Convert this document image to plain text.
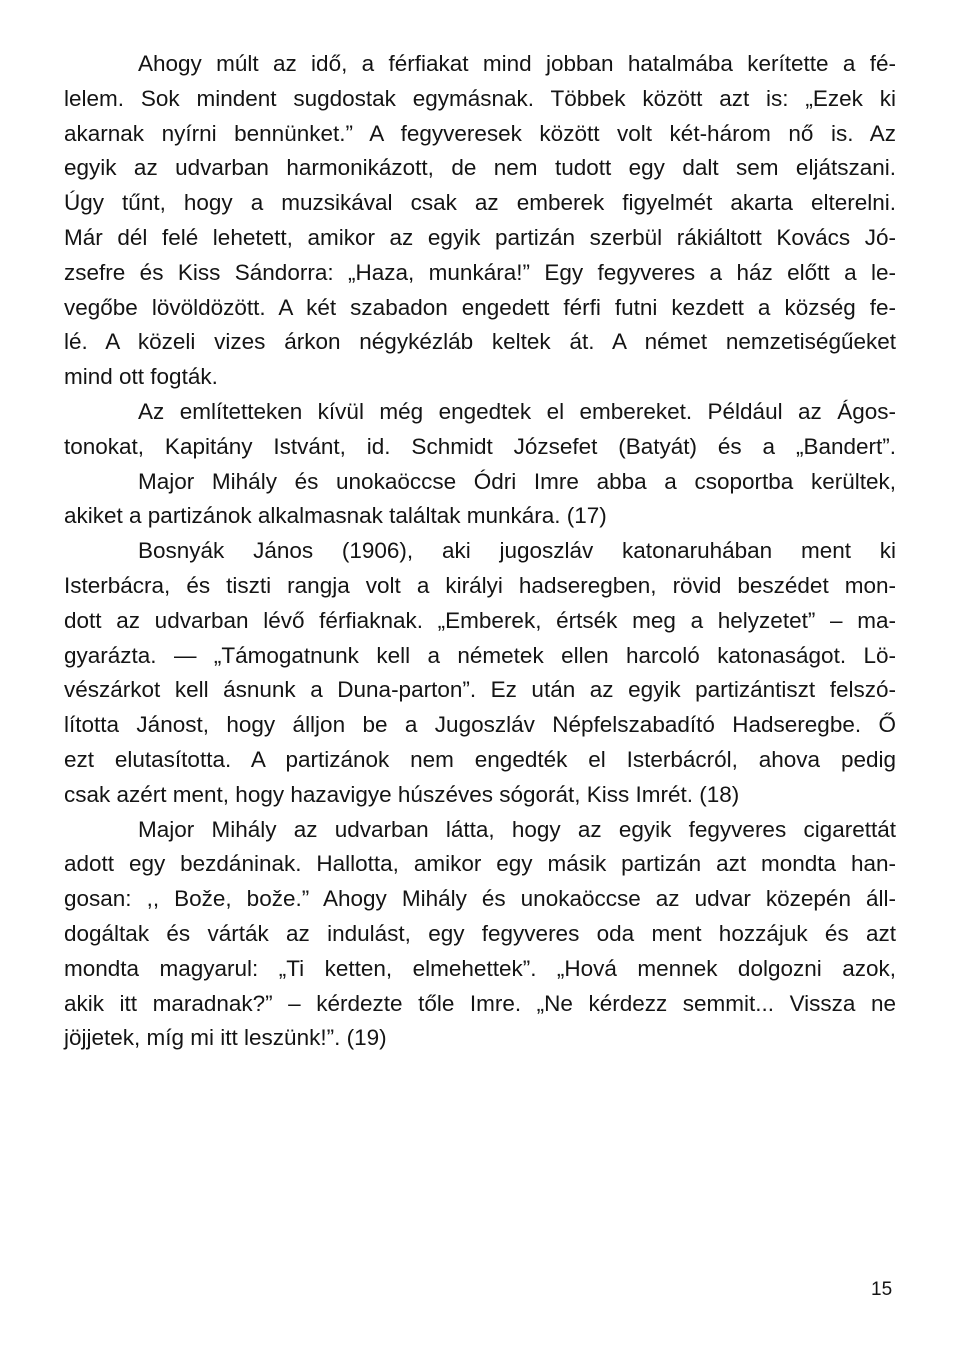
Ahogy múlt az idő, a férfiakat mind jobban hatalmába kerítette a fé-
lelem. Sok mindent sugdostak egymásnak. Többek között azt is: „Ezek ki
akarnak nyírni bennünket.” A fegyveresek között volt két-három nő is. Az
egyik az udvarban harmonikázott, de nem tudott egy dalt sem eljátszani.
Úgy tűnt, hogy a muzsikával csak az emberek figyelmét akarta elterelni.
Már dél felé lehetett, amikor az egyik partizán szerbül rákiáltott Kovács Jó-
zsefre és Kiss Sándorra: „Haza, munkára!” Egy fegyveres a ház előtt a le-
vegőbe lövöldözött. A két szabadon engedett férfi futni kezdett a község fe-
lé. A közeli vizes árkon négykézláb keltek át. A német nemzetiségűeket
mind ott fogták.
Az említetteken kívül még engedtek el embereket. Például az Ágos-
tonokat, Kapitány Istvánt, id. Schmidt Józsefet (Batyát) és a „Bandert”.
Major Mihály és unokaöccse Ódri Imre abba a csoportba kerültek,
akiket a partizánok alkalmasnak találtak munkára. (17)
Bosnyák János (1906), aki jugoszláv katonaruhában ment ki
Isterbácra, és tiszti rangja volt a királyi hadseregben, rövid beszédet mon-
dott az udvarban lévő férfiaknak. „Emberek, értsék meg a helyzetet” – ma-
gyarázta. — „Támogatnunk kell a németek ellen harcoló katonaságot. Lö-
vészárkot kell ásnunk a Duna-parton”. Ez után az egyik partizántiszt felszó-
lította Jánost, hogy álljon be a Jugoszláv Népfelszabadító Hadseregbe. Ő
ezt elutasította. A partizánok nem engedték el Isterbácról, ahova pedig
csak azért ment, hogy hazavigye húszéves sógorát, Kiss Imrét. (18)
Major Mihály az udvarban látta, hogy az egyik fegyveres cigarettát
adott egy bezdáninak. Hallotta, amikor egy másik partizán azt mondta han-
gosan: ,, Bože, bože.” Ahogy Mihály és unokaöccse az udvar közepén áll-
dogáltak és várták az indulást, egy fegyveres oda ment hozzájuk és azt
mondta magyarul: „Ti ketten, elmehettek”. „Hová mennek dolgozni azok,
akik itt maradnak?” – kérdezte tőle Imre. „Ne kérdezz semmit... Vissza ne
jöjjetek, míg mi itt leszünk!”. (19)
15
